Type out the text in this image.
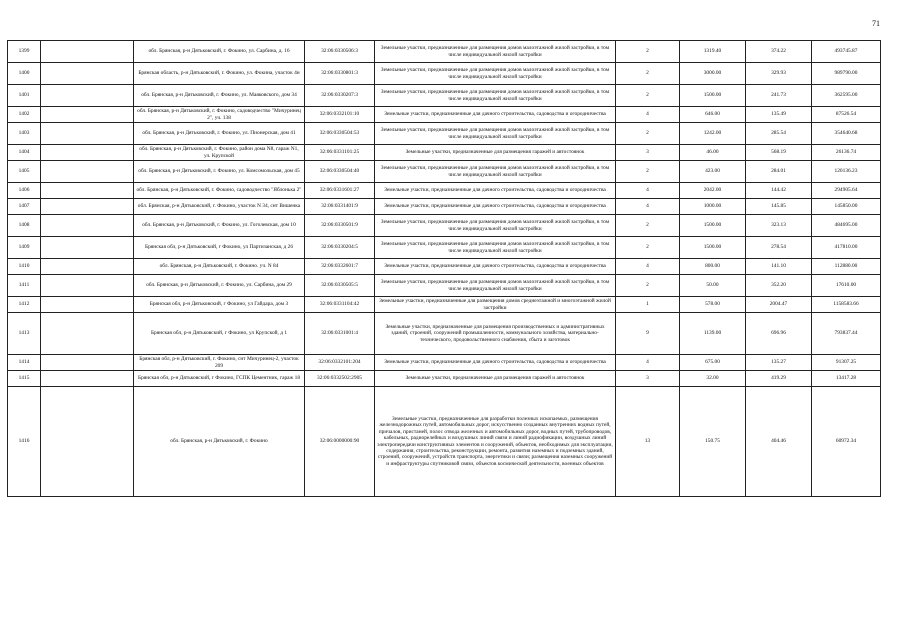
71
1399		обл. Брянская, р-н Дятьковский, г. Фокино, ул. Сарбина, д. 16	32:06:0330506:3	Земельные участки, предназначенные для размещения домов малоэтажной жилой застройки, в том числе индивидуальной жилой застройки	2	1319.40	374.22	493745.87
1400		Брянская область, р-н Дятьковский, г. Фокино, ул. Фокина, участок 4н	32:06:0330801:3	Земельные участки, предназначенные для размещения домов малоэтажной жилой застройки, в том числе индивидуальной жилой застройки	2	3000.00	329.93	989790.00
1401		обл. Брянская, р-н Дятьковский, г. Фокино, ул. Маяковского, дом 34	32:06:0330207:3	Земельные участки, предназначенные для размещения домов малоэтажной жилой застройки, в том числе индивидуальной жилой застройки	2	1500.00	241.73	362595.00
1402		обл. Брянская, р-н Дятьковский, г. Фокино, садоводчество "Мичуринец 2", уч. 138	32:06:0332101:10	Земельные участки, предназначенные для дачного строительства, садоводства и огородничества	4	646.00	135.49	87526.54
1403		обл. Брянская, р-н Дятьковский, г. Фокино, ул. Пионерская, дом 41	32:06:0330504:53	Земельные участки, предназначенные для размещения домов малоэтажной жилой застройки, в том числе индивидуальной жилой застройки	2	1242.00	285.54	354640.68
1404		обл. Брянская, р-н Дятьковский, г. Фокино, район дома N8, гараж N1, ул. Крупской	32:06:0331101:25	Земельные участки, предназначенные для размещения гаражей и автостоянок	3	46.00	568.19	26136.74
1405		обл. Брянская, р-н Дятьковский, г. Фокино, ул. Комсомольская, дом 45	32:06:0330504:40	Земельные участки, предназначенные для размещения домов малоэтажной жилой застройки, в том числе индивидуальной жилой застройки	2	423.00	284.01	120136.23
1406		обл. Брянская, р-н Дятьковский, г. Фокино, садоводчество "Яблонька 2"	32:06:0331601:27	Земельные участки, предназначенные для дачного строительства, садоводства и огородничества	4	2042.00	144.42	294905.64
1407		обл. Брянская, р-н Дятьковский, г. Фокино, участок N 34, снт Вишенка	32:06:0331401:9	Земельные участки, предназначенные для дачного строительства, садоводства и огородничества	4	1000.00	145.85	145850.00
1408		обл. Брянская, р-н Дятьковский, г. Фокино, ул. Гоголевская, дом 10	32:06:0330501:9	Земельные участки, предназначенные для размещения домов малоэтажной жилой застройки, в том числе индивидуальной жилой застройки	2	1500.00	323.13	484695.00
1409		Брянская обл, р-н Дятьковский, г Фокино, ул Партизанская, д 26	32:06:0330204:5	Земельные участки, предназначенные для размещения домов малоэтажной жилой застройки, в том числе индивидуальной жилой застройки	2	1500.00	278.54	417810.00
1410		обл. Брянская, р-н Дятьковский, г. Фокино. уч. N 84	32:06:0332601:7	Земельные участки, предназначенные для дачного строительства, садоводства и огородничества	4	800.00	141.10	112880.00
1411		обл. Брянская, р-н Дятьковский, г. Фокино, ул. Сарбина, дом 29	32:06:0330505:5	Земельные участки, предназначенные для размещения домов малоэтажной жилой застройки, в том числе индивидуальной жилой застройки	2	50.00	352.20	17610.00
1412		Брянская обл, р-н Дятьковский, г Фокино, ул Гайдара, дом 3	32:06:0331104:42	Земельные участки, предназначенные для размещения домов среднеэтажной и многоэтажной жилой застройки	1	578.00	2004.47	1158583.66
1413		Брянская обл, р-н Дятьковский, г Фокино, ул Крупской, д 1	32:06:0331001:4	Земельные участки, предназначенные для размещения производственных и административных зданий, строений, сооружений промышленности, коммунального хозяйства, материально-технического, продовольственного снабжения, сбыта и заготовок	9	1139.00	696.96	793837.44
1414		Брянская обл, р-н Дятьковский, г. Фокино, снт Мичуринец-2, участок 209	32:06:0332101:204	Земельные участки, предназначенные для дачного строительства, садоводства и огородничества	4	675.00	135.27	91307.25
1415		Брянская обл, р-н Дятьковский, г Фокино, ГСПК Цементник, гараж 18	32:06:0332502:2905	Земельные участки, предназначенные для размещения гаражей и автостоянок	3	32.00	419.29	13417.28
1416		обл. Брянская, р-н Дятьковский, г. Фокино	32:06:0000000:90	Земельные участки, предназначенные для разработки полезных ископаемых, размещения железнодорожных путей, автомобильных дорог, искусственно созданных внутренних водных путей, причалов, пристаней, полос отвода железных и автомобильных дорог, водных путей, трубопроводов, кабельных, радиорелейных и воздушных линий связи и линий радиофикации, воздушных линий электропередачи конструктивных элементов и сооружений, объектов, необходимых для эксплуатации, содержания, строительства, реконструкции, ремонта, развития наземных и подземных зданий, строений, сооружений, устройств транспорта, энергетики и связи; размещения наземных сооружений и инфраструктуры спутниковой связи, объектов космической деятельности, военных объектов	13	150.75	404.46	60972.34
